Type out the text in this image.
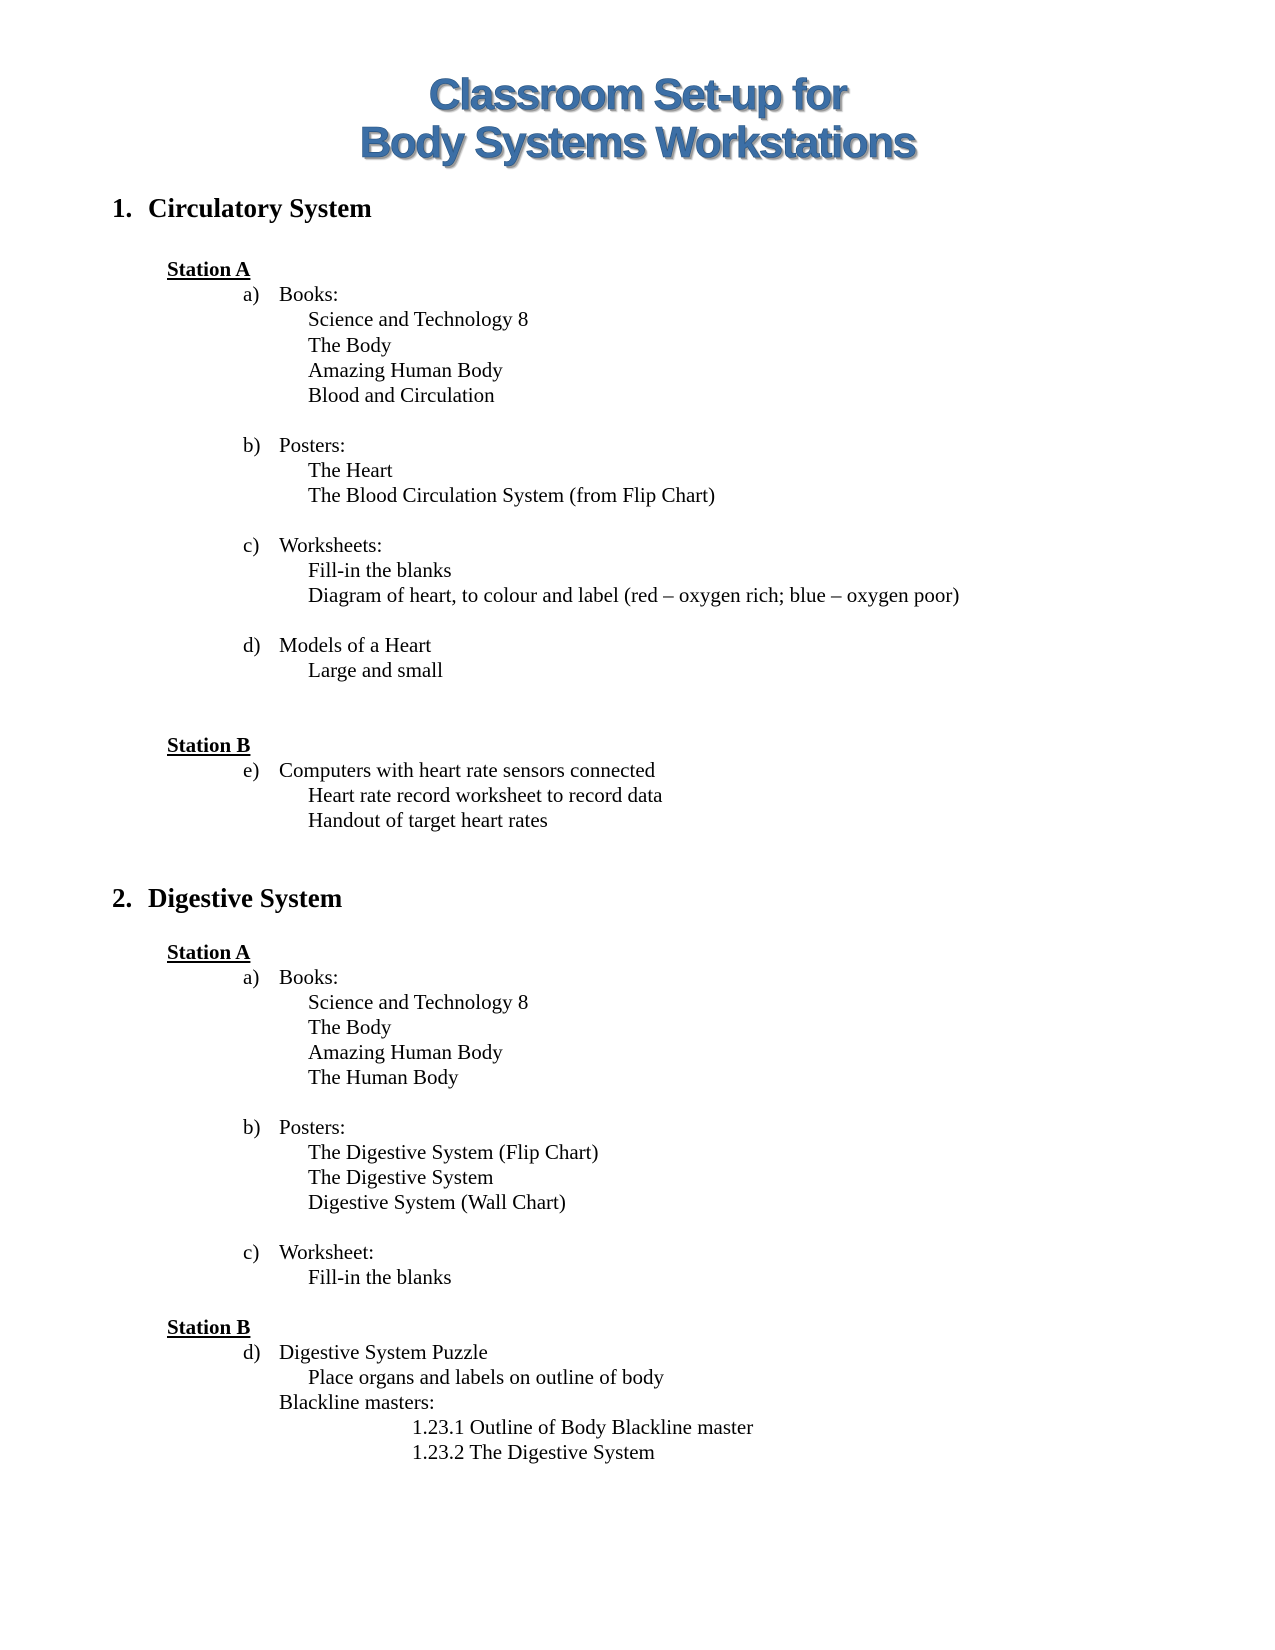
Classroom Set-up for
Body Systems Workstations
1. Circulatory System
Station A
a) Books:
Science and Technology 8
The Body
Amazing Human Body
Blood and Circulation
b) Posters:
The Heart
The Blood Circulation System (from Flip Chart)
c) Worksheets:
Fill-in the blanks
Diagram of heart, to colour and label (red – oxygen rich; blue – oxygen poor)
d) Models of a Heart
Large and small
Station B
e) Computers with heart rate sensors connected
Heart rate record worksheet to record data
Handout of target heart rates
2. Digestive System
Station A
a) Books:
Science and Technology 8
The Body
Amazing Human Body
The Human Body
b) Posters:
The Digestive System (Flip Chart)
The Digestive System
Digestive System (Wall Chart)
c) Worksheet:
Fill-in the blanks
Station B
d) Digestive System Puzzle
Place organs and labels on outline of body
Blackline masters:
1.23.1 Outline of Body Blackline master
1.23.2 The Digestive System
